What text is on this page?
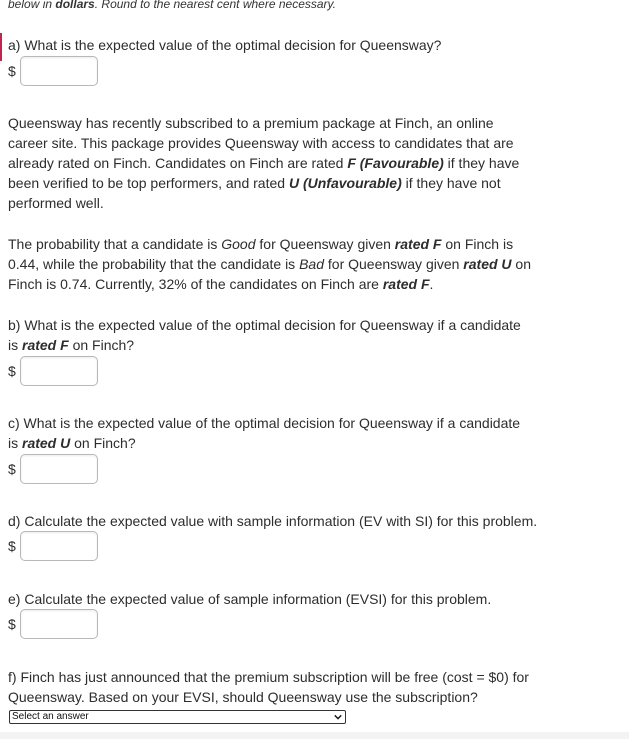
below in dollars. Round to the nearest cent where necessary.
a) What is the expected value of the optimal decision for Queensway?
$
Queensway has recently subscribed to a premium package at Finch, an online career site. This package provides Queensway with access to candidates that are already rated on Finch. Candidates on Finch are rated F (Favourable) if they have been verified to be top performers, and rated U (Unfavourable) if they have not performed well.
The probability that a candidate is Good for Queensway given rated F on Finch is 0.44, while the probability that the candidate is Bad for Queensway given rated U on Finch is 0.74. Currently, 32% of the candidates on Finch are rated F.
b) What is the expected value of the optimal decision for Queensway if a candidate is rated F on Finch?
$
c) What is the expected value of the optimal decision for Queensway if a candidate is rated U on Finch?
$
d) Calculate the expected value with sample information (EV with SI) for this problem.
$
e) Calculate the expected value of sample information (EVSI) for this problem.
$
f) Finch has just announced that the premium subscription will be free (cost = $0) for Queensway. Based on your EVSI, should Queensway use the subscription?
Select an answer
